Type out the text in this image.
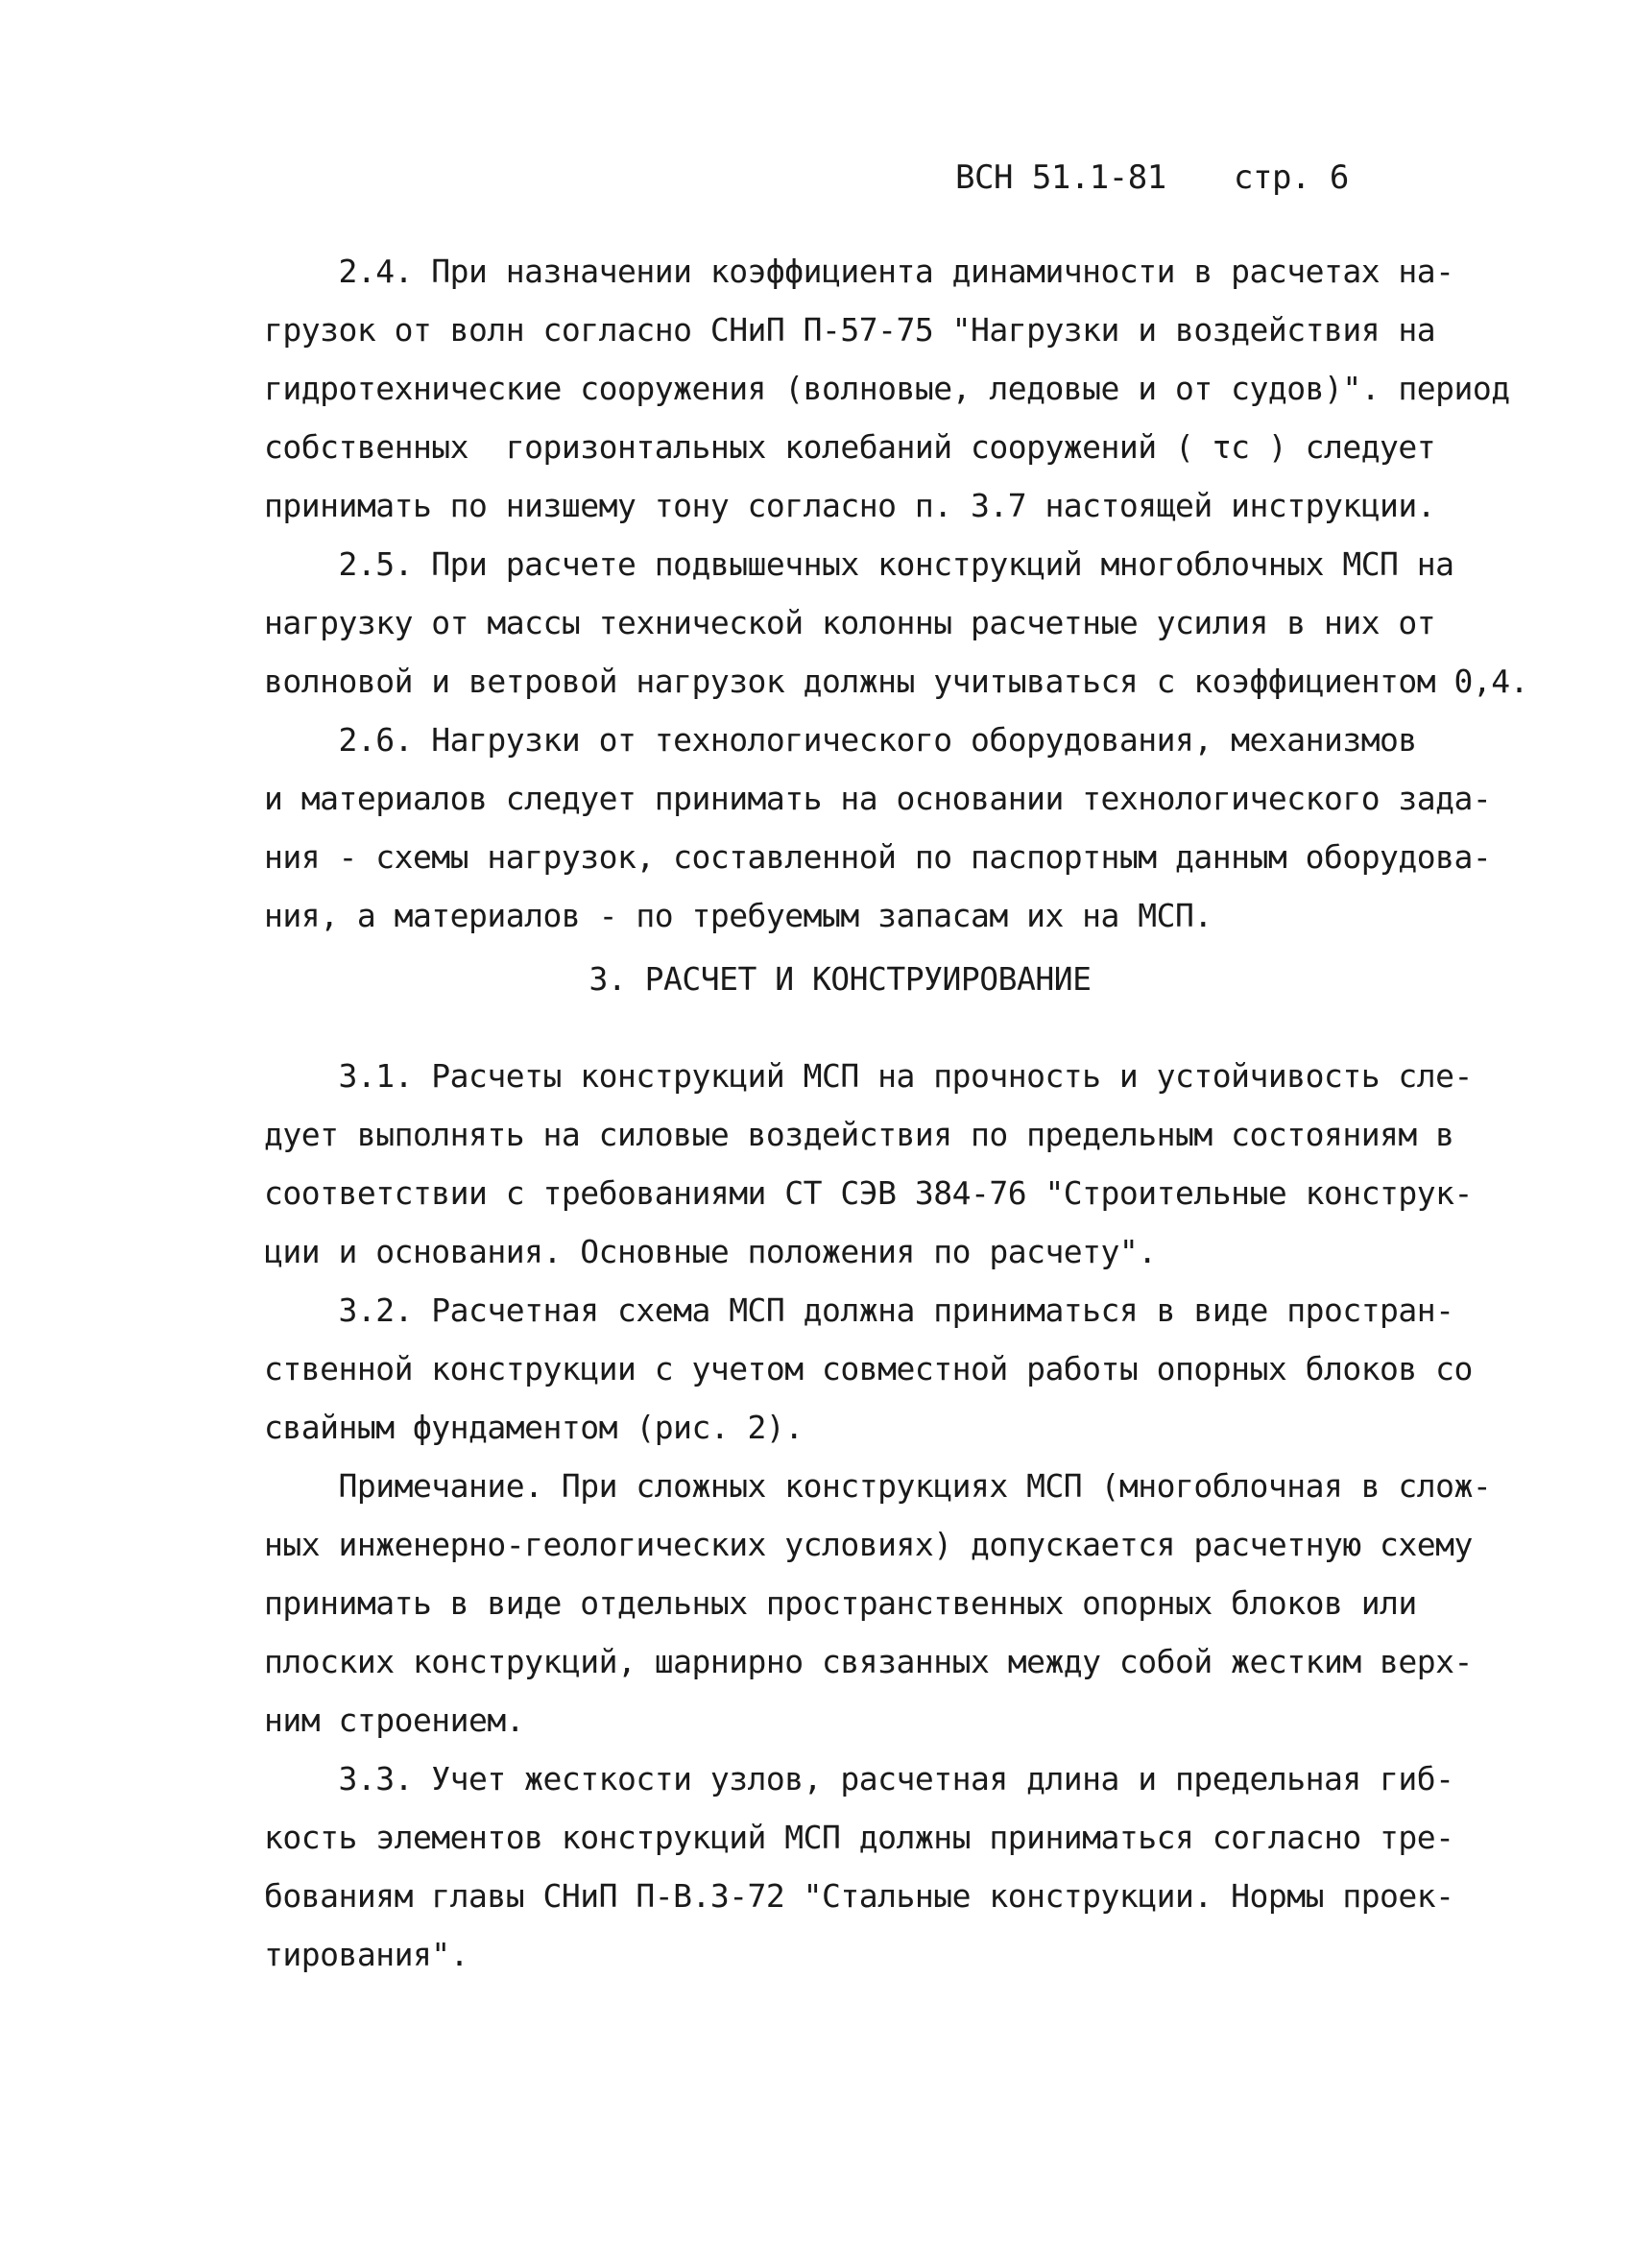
ВСН 51.1-81 стр. 6
2.4. При назначении коэффициента динамичности в расчетах на-
грузок от волн согласно СНиП П-57-75 "Нагрузки и воздействия на
гидротехнические сооружения (волновые, ледовые и от судов)". период
собственных  горизонтальных колебаний сооружений ( τc ) следует
принимать по низшему тону согласно п. 3.7 настоящей инструкции.
2.5. При расчете подвышечных конструкций многоблочных МСП на
нагрузку от массы технической колонны расчетные усилия в них от
волновой и ветровой нагрузок должны учитываться с коэффициентом 0,4.
2.6. Нагрузки от технологического оборудования, механизмов
и материалов следует принимать на основании технологического зада-
ния - схемы нагрузок, составленной по паспортным данным оборудова-
ния, а материалов - по требуемым запасам их на МСП.
3. РАСЧЕТ И КОНСТРУИРОВАНИЕ
3.1. Расчеты конструкций МСП на прочность и устойчивость сле-
дует выполнять на силовые воздействия по предельным состояниям в
соответствии с требованиями СТ СЭВ 384-76 "Строительные конструк-
ции и основания. Основные положения по расчету".
3.2. Расчетная схема МСП должна приниматься в виде простран-
ственной конструкции с учетом совместной работы опорных блоков со
свайным фундаментом (рис. 2).
Примечание. При сложных конструкциях МСП (многоблочная в слож-
ных инженерно-геологических условиях) допускается расчетную схему
принимать в виде отдельных пространственных опорных блоков или
плоских конструкций, шарнирно связанных между собой жестким верх-
ним строением.
3.3. Учет жесткости узлов, расчетная длина и предельная гиб-
кость элементов конструкций МСП должны приниматься согласно тре-
бованиям главы СНиП П-В.3-72 "Стальные конструкции. Нормы проек-
тирования".
